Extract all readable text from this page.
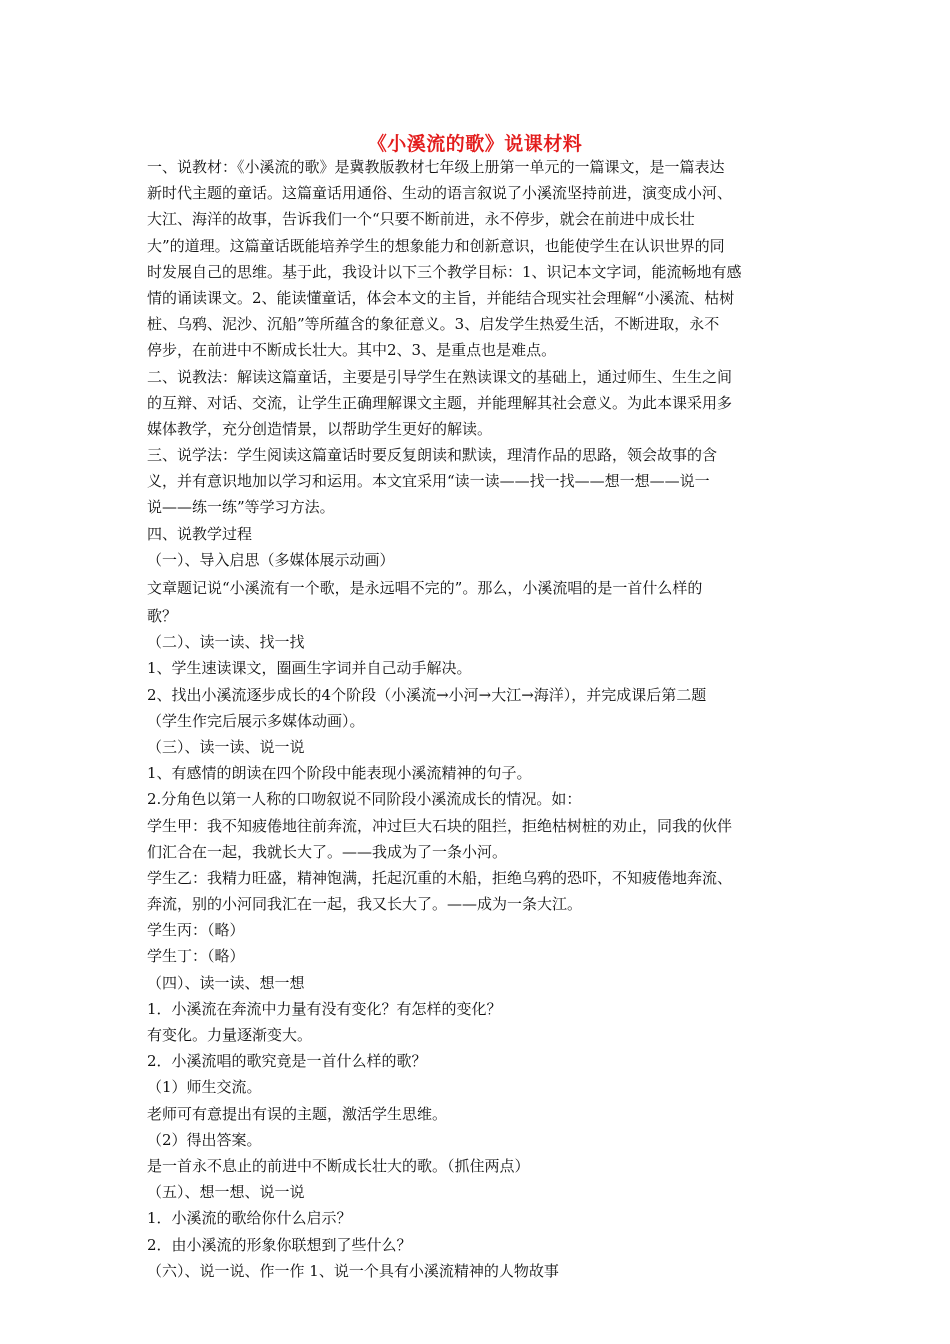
《小溪流的歌》说课材料
一、说教材：《小溪流的歌》是冀教版教材七年级上册第一单元的一篇课文，是一篇表达
新时代主题的童话。这篇童话用通俗、生动的语言叙说了小溪流坚持前进，演变成小河、
大江、海洋的故事，告诉我们一个“只要不断前进，永不停步，就会在前进中成长壮
大”的道理。这篇童话既能培养学生的想象能力和创新意识，也能使学生在认识世界的同
时发展自己的思维。基于此，我设计以下三个教学目标：1、识记本文字词，能流畅地有感
情的诵读课文。2、能读懂童话，体会本文的主旨，并能结合现实社会理解“小溪流、枯树
桩、乌鸦、泥沙、沉船”等所蕴含的象征意义。3、启发学生热爱生活，不断进取，永不
停步，在前进中不断成长壮大。其中2、3、是重点也是难点。
二、说教法：解读这篇童话，主要是引导学生在熟读课文的基础上，通过师生、生生之间
的互辩、对话、交流，让学生正确理解课文主题，并能理解其社会意义。为此本课采用多
媒体教学，充分创造情景，以帮助学生更好的解读。
三、说学法：学生阅读这篇童话时要反复朗读和默读，理清作品的思路，领会故事的含
义，并有意识地加以学习和运用。本文宜采用“读一读——找一找——想一想——说一
说——练一练”等学习方法。
四、说教学过程
（一）、导入启思（多媒体展示动画）
文章题记说“小溪流有一个歌，是永远唱不完的”。那么，小溪流唱的是一首什么样的
歌？
（二）、读一读、找一找
1、学生速读课文，圈画生字词并自己动手解决。
2、找出小溪流逐步成长的4个阶段（小溪流→小河→大江→海洋），并完成课后第二题
（学生作完后展示多媒体动画）。
（三）、读一读、说一说
1、有感情的朗读在四个阶段中能表现小溪流精神的句子。
2.分角色以第一人称的口吻叙说不同阶段小溪流成长的情况。如：
学生甲：我不知疲倦地往前奔流，冲过巨大石块的阻拦，拒绝枯树桩的劝止，同我的伙伴
们汇合在一起，我就长大了。——我成为了一条小河。
学生乙：我精力旺盛，精神饱满，托起沉重的木船，拒绝乌鸦的恐吓，不知疲倦地奔流、
奔流，别的小河同我汇在一起，我又长大了。——成为一条大江。
学生丙：（略）
学生丁：（略）
（四）、读一读、想一想
1．小溪流在奔流中力量有没有变化？有怎样的变化？
有变化。力量逐渐变大。
2．小溪流唱的歌究竟是一首什么样的歌？
（1）师生交流。
老师可有意提出有误的主题，激活学生思维。
（2）得出答案。
是一首永不息止的前进中不断成长壮大的歌。（抓住两点）
（五）、想一想、说一说
1．小溪流的歌给你什么启示？
2．由小溪流的形象你联想到了些什么？
（六）、说一说、作一作 1、说一个具有小溪流精神的人物故事
